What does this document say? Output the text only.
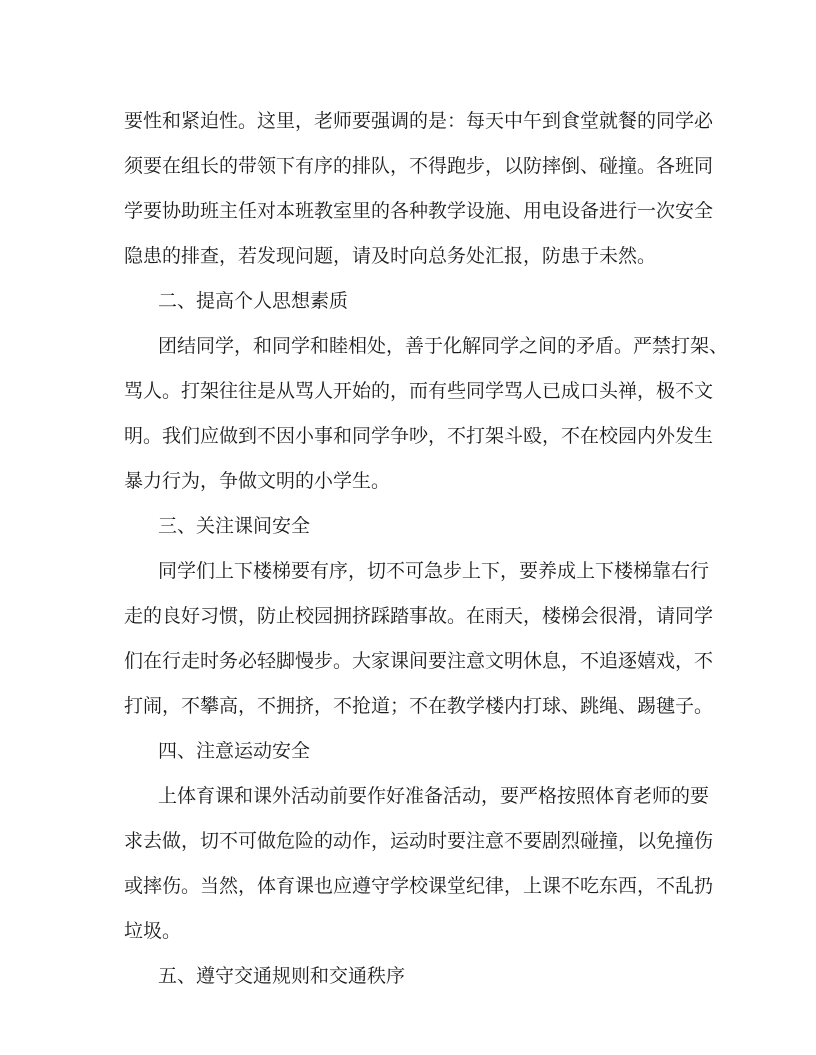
要性和紧迫性。这里，老师要强调的是：每天中午到食堂就餐的同学必

须要在组长的带领下有序的排队，不得跑步，以防摔倒、碰撞。各班同

学要协助班主任对本班教室里的各种教学设施、用电设备进行一次安全

隐患的排查，若发现问题，请及时向总务处汇报，防患于未然。

二、提高个人思想素质

团结同学，和同学和睦相处，善于化解同学之间的矛盾。严禁打架、

骂人。打架往往是从骂人开始的，而有些同学骂人已成口头禅，极不文

明。我们应做到不因小事和同学争吵，不打架斗殴，不在校园内外发生

暴力行为，争做文明的小学生。

三、关注课间安全

同学们上下楼梯要有序，切不可急步上下，要养成上下楼梯靠右行

走的良好习惯，防止校园拥挤踩踏事故。在雨天，楼梯会很滑，请同学

们在行走时务必轻脚慢步。大家课间要注意文明休息，不追逐嬉戏，不

打闹，不攀高，不拥挤，不抢道；不在教学楼内打球、跳绳、踢毽子。

四、注意运动安全

上体育课和课外活动前要作好准备活动，要严格按照体育老师的要

求去做，切不可做危险的动作，运动时要注意不要剧烈碰撞，以免撞伤

或摔伤。当然，体育课也应遵守学校课堂纪律，上课不吃东西，不乱扔

垃圾。

五、遵守交通规则和交通秩序
